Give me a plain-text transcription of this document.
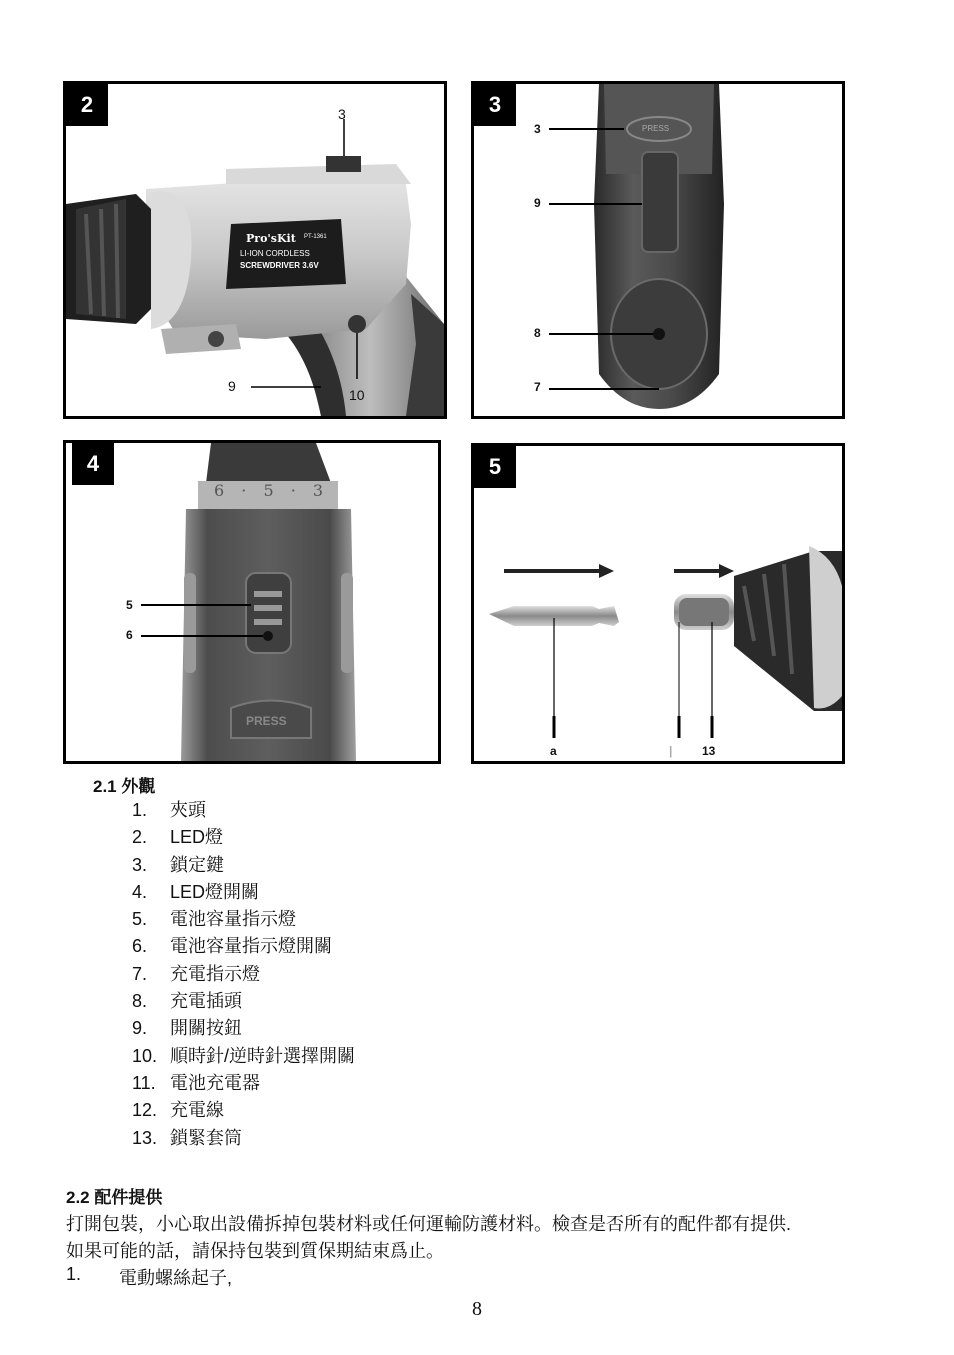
2
Pro'sKit PT-1361
LI-ION CORDLESS
SCREWDRIVER 3.6V
3.6V~1300mAh, 200rpm
3
9
10
3
PRESS
3
9
8
7
4
6 · 5 · 3
PRESS
5
6
5
a	| 13
2.1 外觀
1. 夾頭
2. LED燈
3. 鎖定鍵
4. LED燈開關
5. 電池容量指示燈
6. 電池容量指示燈開關
7. 充電指示燈
8. 充電插頭
9. 開關按鈕
10. 順時針/逆時針選擇開關
11. 電池充電器
12. 充電線
13. 鎖緊套筒
2.2 配件提供
打開包裝，小心取出設備拆掉包裝材料或任何運輸防護材料。檢查是否所有的配件都有提供.
如果可能的話，請保持包裝到質保期結束爲止。
1. 電動螺絲起子,
8
